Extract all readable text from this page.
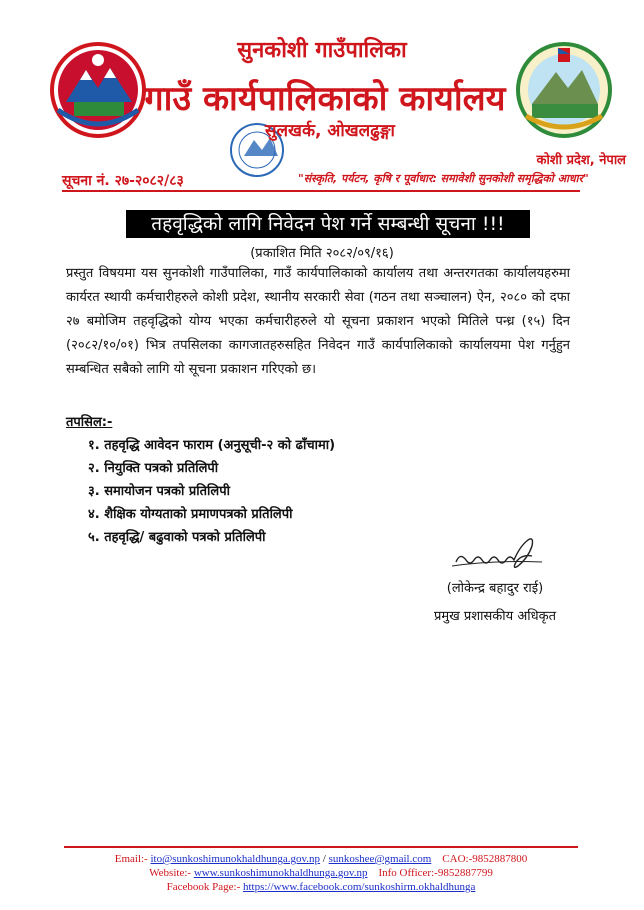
सुनकोशी गाउँपालिका
गाउँ कार्यपालिकाको कार्यालय
सुलखर्क, ओखलढुङ्गा
कोशी प्रदेश, नेपाल
सूचना नं. २७-२०८२/८३	"संस्कृति, पर्यटन, कृषि र पूर्वाधार: समावेशी सुनकोशी समृद्धिको आधार"
तहवृद्धिको लागि निवेदन पेश गर्ने सम्बन्धी सूचना !!!
(प्रकाशित मिति २०८२/०९/१६)
प्रस्तुत विषयमा यस सुनकोशी गाउँपालिका, गाउँ कार्यपालिकाको कार्यालय तथा अन्तरगतका कार्यालयहरुमा कार्यरत स्थायी कर्मचारीहरुले कोशी प्रदेश, स्थानीय सरकारी सेवा (गठन तथा सञ्चालन) ऐन, २०८० को दफा २७ बमोजिम तहवृद्धिको योग्य भएका कर्मचारीहरुले यो सूचना प्रकाशन भएको मितिले पन्ध्र (१५) दिन (२०८२/१०/०१) भित्र तपसिलका कागजातहरुसहित निवेदन गाउँ कार्यपालिकाको कार्यालयमा पेश गर्नुहुन सम्बन्धित सबैको लागि यो सूचना प्रकाशन गरिएको छ।
तपसिल:-
१. तहवृद्धि आवेदन फाराम (अनुसूची-२ को ढाँचामा)
२. नियुक्ति पत्रको प्रतिलिपी
३. समायोजन पत्रको प्रतिलिपी
४. शैक्षिक योग्यताको प्रमाणपत्रको प्रतिलिपी
५. तहवृद्धि/ बढुवाको पत्रको प्रतिलिपी
(लोकेन्द्र बहादुर राई)
प्रमुख प्रशासकीय अधिकृत
Email:- ito@sunkoshimunokhaldhunga.gov.np / sunkoshee@gmail.com CAO:-9852887800
Website:- www.sunkoshimunokhaldhunga.gov.np Info Officer:-9852887799
Facebook Page:- https://www.facebook.com/sunkoshirm.okhaldhunga
